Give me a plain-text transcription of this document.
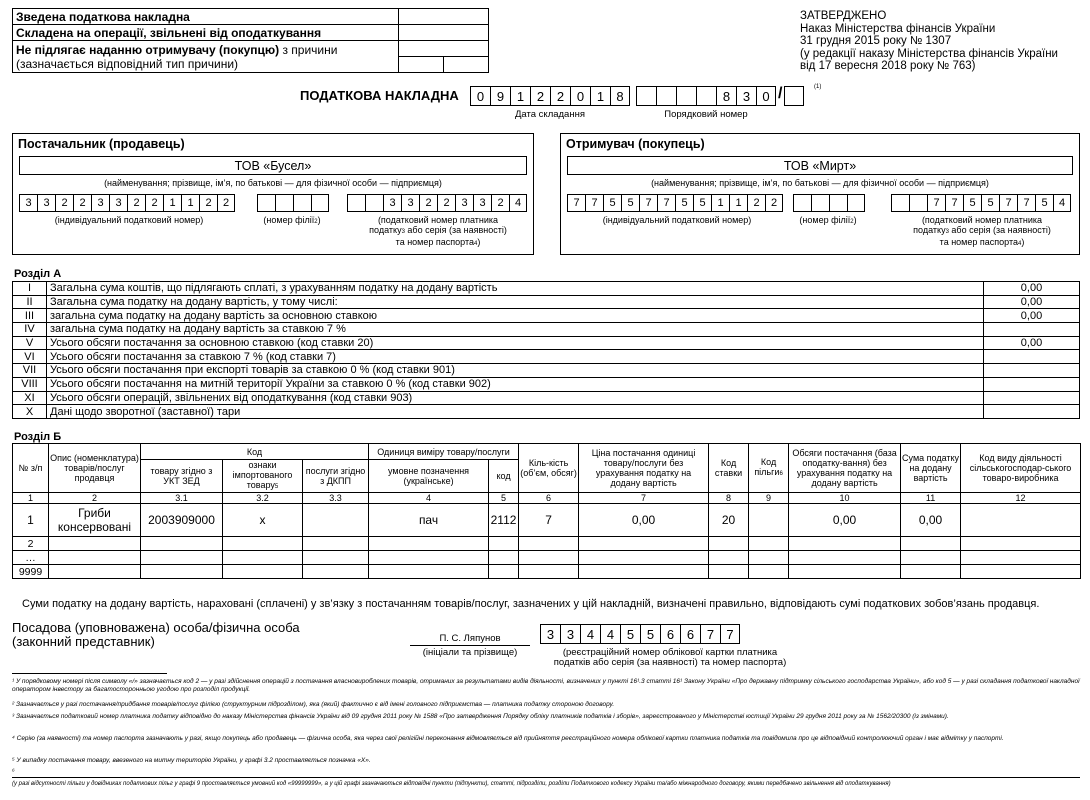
Зведена податкова накладна		
Складена на операції, звільнені від оподаткування		
Не підлягає наданню отримувачу (покупцю) з причини
(зазначається відповідний тип причини)		

ЗАТВЕРДЖЕНО
Наказ Міністерства фінансів України
31 грудня 2015 року № 1307
(у редакції наказу Міністерства фінансів України
від 17 вересня 2018 року № 763)
ПОДАТКОВА НАКЛАДНА	0 9 1 2 2 0 1 8
Дата складання
8 3 0 /	(1)
Порядковий номер
Постачальник (продавець)
ТОВ «Бусел»
(найменування; прізвище, ім’я, по батькові — для фізичної особи — підприємця)
3	3	2	2	3	3	2	2	1	1	2	2
(індивідуальний податковий номер)	(номер філії2)
3	3	2	2	3	3	2	4
(податковий номер платника
податку3 або серія (за наявності)
та номер паспорта4)
Отримувач (покупець)
ТОВ «Мирт»
(найменування; прізвище, ім’я, по батькові — для фізичної особи — підприємця)
7	7	5	5	7	7	5	5	1	1	2	2
(індивідуальний податковий номер)	(номер філії2)
7	7	5	5	7	7	5	4
(податковий номер платника
податку3 або серія (за наявності)
та номер паспорта4)
Розділ А
I	Загальна сума коштів, що підлягають сплаті, з урахуванням податку на додану вартість	0,00
II	Загальна сума податку на додану вартість, у тому числі:	0,00
III	загальна сума податку на додану вартість за основною ставкою	0,00
IV	загальна сума податку на додану вартість за ставкою 7 %	
V	Усього обсяги постачання за основною ставкою (код ставки 20)	0,00
VI	Усього обсяги постачання за ставкою 7 % (код ставки 7)	
VII	Усього обсяги постачання при експорті товарів за ставкою 0 % (код ставки 901)	
VIII	Усього обсяги постачання на митній території України за ставкою 0 % (код ставки 902)	
XI	Усього обсяги операцій, звільнених від оподаткування (код ставки 903)	
X	Дані щодо зворотної (заставної) тари	
Розділ Б
№ з/п	Опис (номенклатура) товарів/послуг продавця	Код			Одиниця виміру товару/послуги		Кіль-кість (об’єм, обсяг)	Ціна постачання одиниці товару/послуги без урахування податку на додану вартість	Код ставки	Код пільги6	Обсяги постачання (база оподатку-вання) без урахування податку на додану вартість	Сума податку на додану вартість	Код виду діяльності сільськогосподар-ського товаро-виробника
		товару згідно з УКТ ЗЕД	ознаки імпортованого товару5	послуги згідно з ДКПП	умовне позначення (українське)	код							
1	2	3.1	3.2	3.3	4	5	6	7	8	9	10	11	12
1	Гриби консервовані	2003909000	х		пач	2112	7	0,00	20		0,00	0,00	
2													
…													
9999													
Суми податку на додану вартість, нараховані (сплачені) у зв’язку з постачанням товарів/послуг, зазначених у цій накладній, визначені правильно, відповідають сумі податкових зобов’язань продавця.
Посадова (уповноважена) особа/фізична особа
(законний представник)	П. С. Ляпунов
(ініціали та прізвище)
3 3 4 4 5 5 6 6 7 7
(реєстраційний номер облікової картки платника
податків або серія (за наявності) та номер паспорта)
¹ У порядковому номері після символу «/» зазначається код 2 — у разі здійснення операцій з постачання власновироблених товарів, отриманих за результатами видів діяльності, визначених у пункті 16¹.3 статті 16¹ Закону України «Про державну підтримку сільського господарства України», або код 5 — у разі складання податкової накладної оператором інвестору за багатосторонньою угодою про розподіл продукції.
² Зазначається у разі постачання/придбання товарів/послуг філією (структурним підрозділом), яка (який) фактично є від імені головного підприємства — платника податку стороною договору.
³ Зазначається податковий номер платника податку відповідно до наказу Міністерства фінансів України від 09 грудня 2011 року № 1588 «Про затвердження Порядку обліку платників податків і зборів», зареєстрованого у Міністерстві юстиції України 29 грудня 2011 року за № 1562/20300 (із змінами).
⁴ Серію (за наявності) та номер паспорта зазначають у разі, якщо покупець або продавець — фізична особа, яка через свої релігійні переконання відмовляється від прийняття реєстраційного номера облікової картки платника податків та повідомила про це відповідний контролюючий орган і має відмітку у паспорті.
⁵ У випадку постачання товару, ввезеного на митну територію України, у графі 3.2 проставляється позначка «Х».
⁶
(у разі відсутності пільги у довідниках податкових пільг у графі 9 проставляється умовний код «99999999», а у цій графі зазначаються відповідні пункти (підпункти), статті, підрозділи, розділи Податкового кодексу України та/або міжнародного договору, якими передбачено звільнення від оподаткування)
